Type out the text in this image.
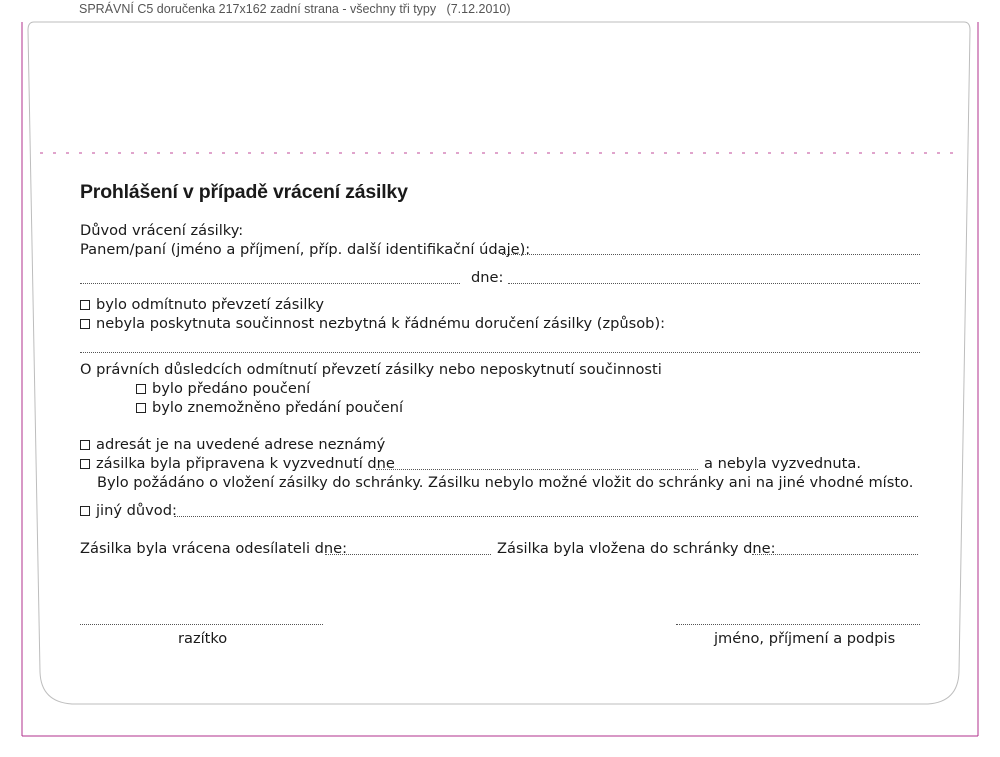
SPRÁVNÍ C5 doručenka 217x162 zadní strana - všechny tři typy   (7.12.2010)
Prohlášení v případě vrácení zásilky
Důvod vrácení zásilky:
Panem/paní (jméno a příjmení, příp. další identifikační údaje):
dne:
bylo odmítnuto převzetí zásilky
nebyla poskytnuta součinnost nezbytná k řádnému doručení zásilky (způsob):
O právních důsledcích odmítnutí převzetí zásilky nebo neposkytnutí součinnosti
bylo předáno poučení
bylo znemožněno předání poučení
adresát je na uvedené adrese neznámý
zásilka byla připravena k vyzvednutí dne	a nebyla vyzvednuta.
Bylo požádáno o vložení zásilky do schránky. Zásilku nebylo možné vložit do schránky ani na jiné vhodné místo.
jiný důvod:
Zásilka byla vrácena odesílateli dne:	Zásilka byla vložena do schránky dne:
razítko	jméno, příjmení a podpis
